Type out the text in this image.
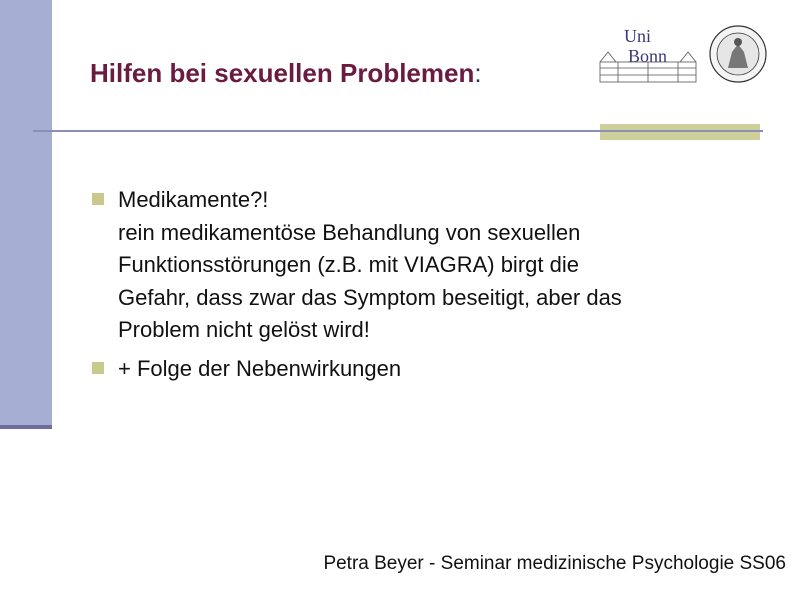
Hilfen bei sexuellen Problemen:
Uni
Bonn
Medikamente?!
rein medikamentöse Behandlung von sexuellen
Funktionsstörungen (z.B. mit VIAGRA) birgt die
Gefahr, dass zwar das Symptom beseitigt, aber das
Problem nicht gelöst wird!
+ Folge der Nebenwirkungen
Petra Beyer - Seminar medizinische Psychologie SS06
